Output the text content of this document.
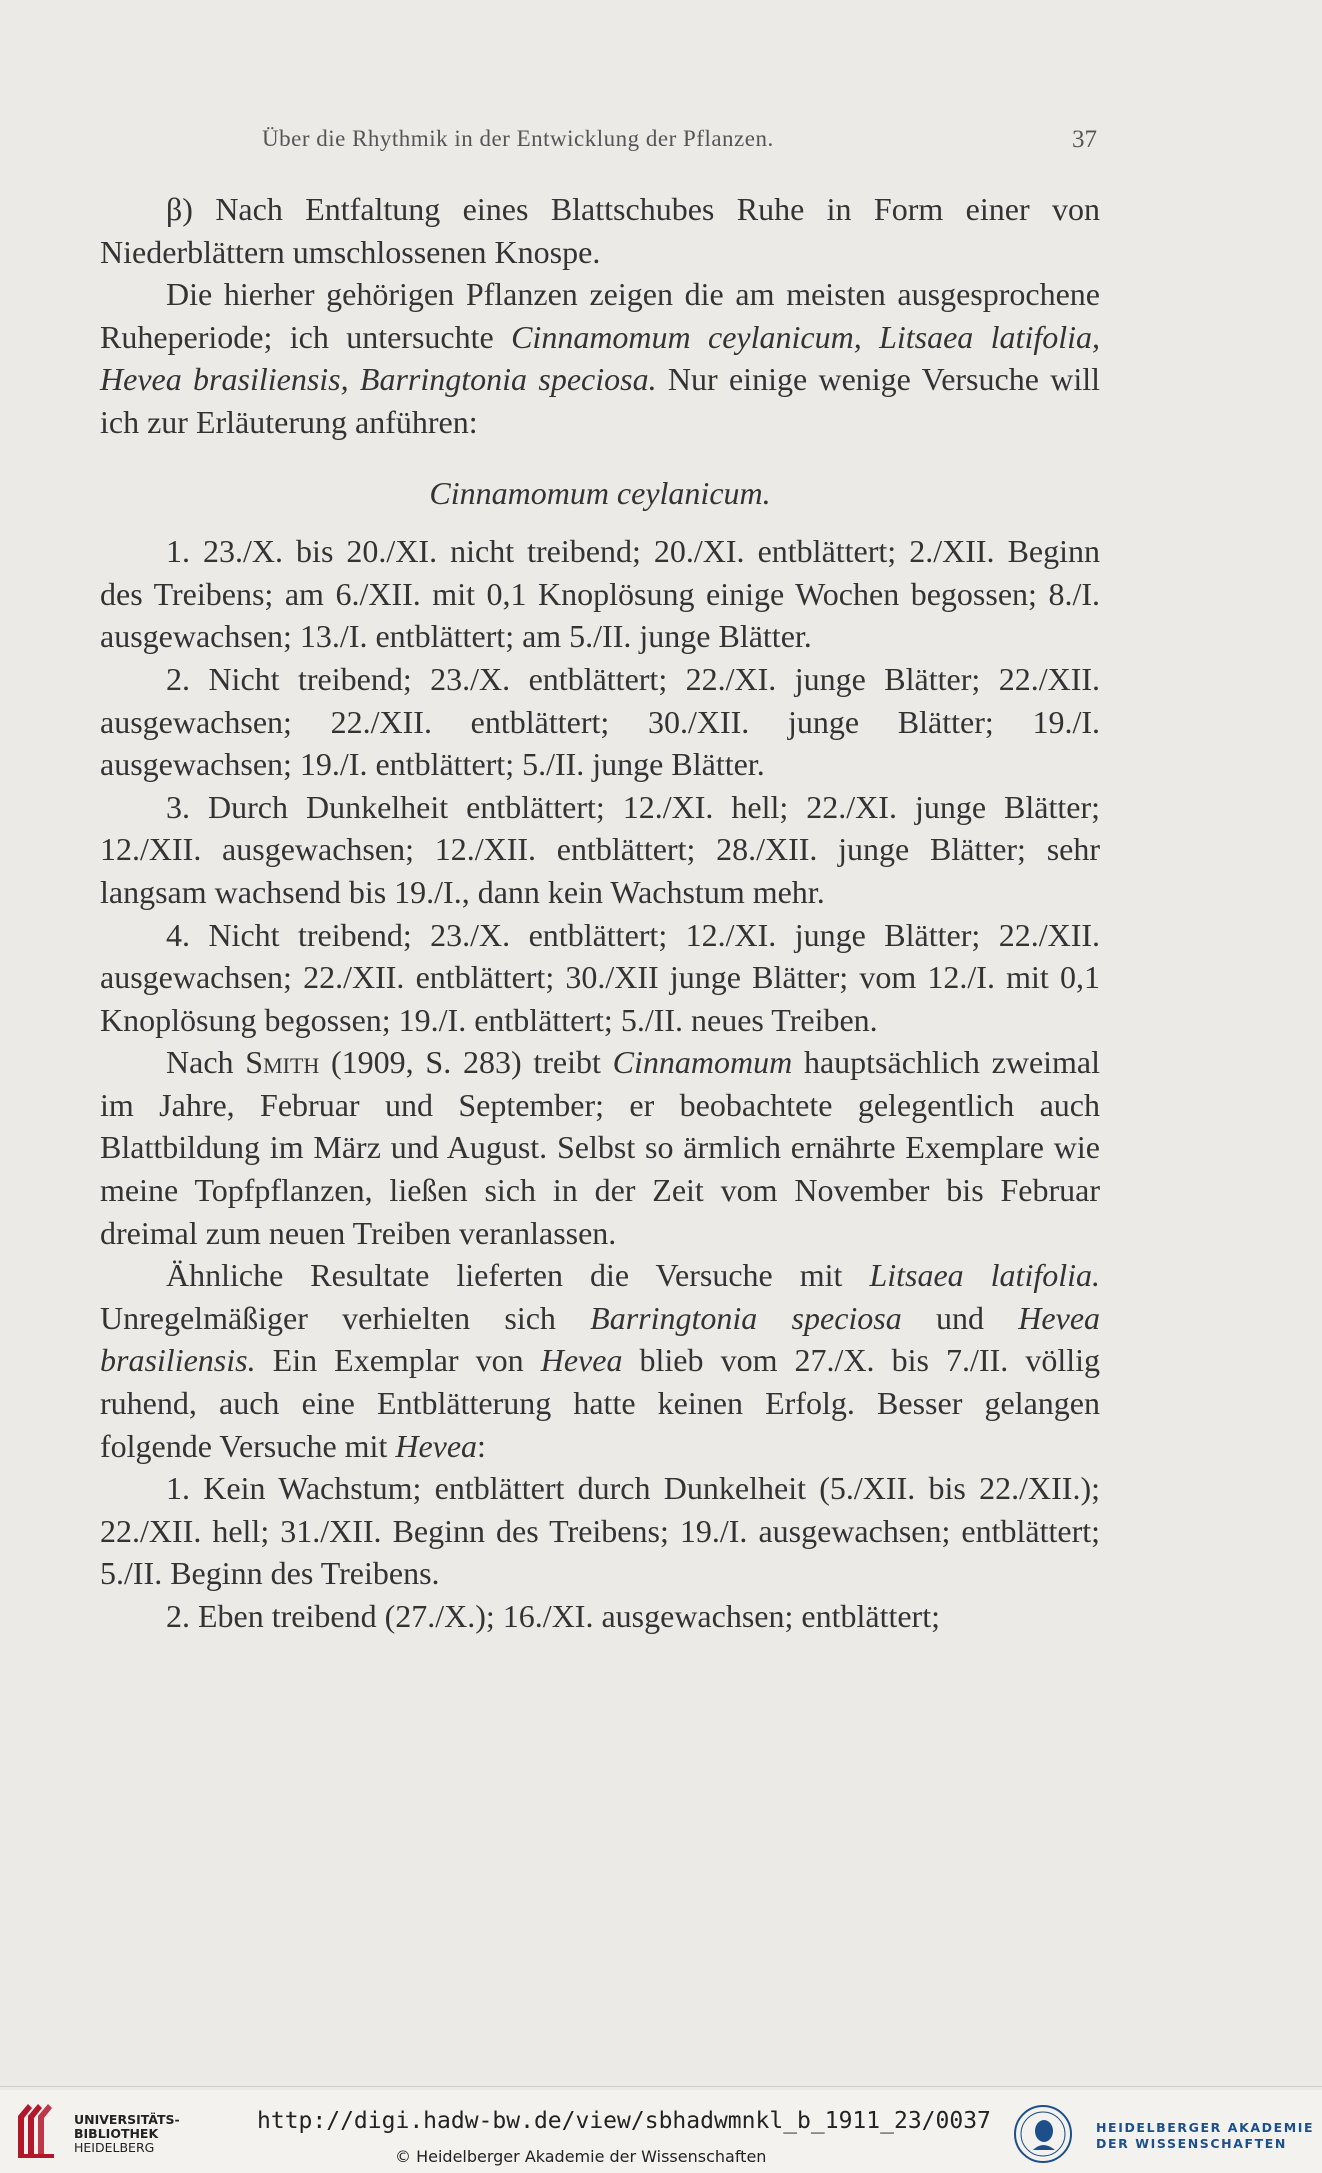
Über die Rhythmik in der Entwicklung der Pflanzen.	37

β) Nach Entfaltung eines Blattschubes Ruhe in Form einer von Niederblättern umschlossenen Knospe.

Die hierher gehörigen Pflanzen zeigen die am meisten ausgesprochene Ruheperiode; ich untersuchte Cinnamomum ceylanicum, Litsaea latifolia, Hevea brasiliensis, Barringtonia speciosa. Nur einige wenige Versuche will ich zur Erläuterung anführen:

Cinnamomum ceylanicum.

1. 23./X. bis 20./XI. nicht treibend; 20./XI. entblättert; 2./XII. Beginn des Treibens; am 6./XII. mit 0,1 Knoplösung einige Wochen begossen; 8./I. ausgewachsen; 13./I. entblättert; am 5./II. junge Blätter.

2. Nicht treibend; 23./X. entblättert; 22./XI. junge Blätter; 22./XII. ausgewachsen; 22./XII. entblättert; 30./XII. junge Blätter; 19./I. ausgewachsen; 19./I. entblättert; 5./II. junge Blätter.

3. Durch Dunkelheit entblättert; 12./XI. hell; 22./XI. junge Blätter; 12./XII. ausgewachsen; 12./XII. entblättert; 28./XII. junge Blätter; sehr langsam wachsend bis 19./I., dann kein Wachstum mehr.

4. Nicht treibend; 23./X. entblättert; 12./XI. junge Blätter; 22./XII. ausgewachsen; 22./XII. entblättert; 30./XII junge Blätter; vom 12./I. mit 0,1 Knoplösung begossen; 19./I. entblättert; 5./II. neues Treiben.

Nach Smith (1909, S. 283) treibt Cinnamomum hauptsächlich zweimal im Jahre, Februar und September; er beobachtete gelegentlich auch Blattbildung im März und August. Selbst so ärmlich ernährte Exemplare wie meine Topfpflanzen, ließen sich in der Zeit vom November bis Februar dreimal zum neuen Treiben veranlassen.

Ähnliche Resultate lieferten die Versuche mit Litsaea latifolia. Unregelmäßiger verhielten sich Barringtonia speciosa und Hevea brasiliensis. Ein Exemplar von Hevea blieb vom 27./X. bis 7./II. völlig ruhend, auch eine Entblätterung hatte keinen Erfolg. Besser gelangen folgende Versuche mit Hevea:

1. Kein Wachstum; entblättert durch Dunkelheit (5./XII. bis 22./XII.); 22./XII. hell; 31./XII. Beginn des Treibens; 19./I. ausgewachsen; entblättert; 5./II. Beginn des Treibens.

2. Eben treibend (27./X.); 16./XI. ausgewachsen; entblättert;

UNIVERSITÄTS-
BIBLIOTHEK
HEIDELBERG
http://digi.hadw-bw.de/view/sbhadwmnkl_b_1911_23/0037
© Heidelberger Akademie der Wissenschaften
HEIDELBERGER AKADEMIE
DER WISSENSCHAFTEN
